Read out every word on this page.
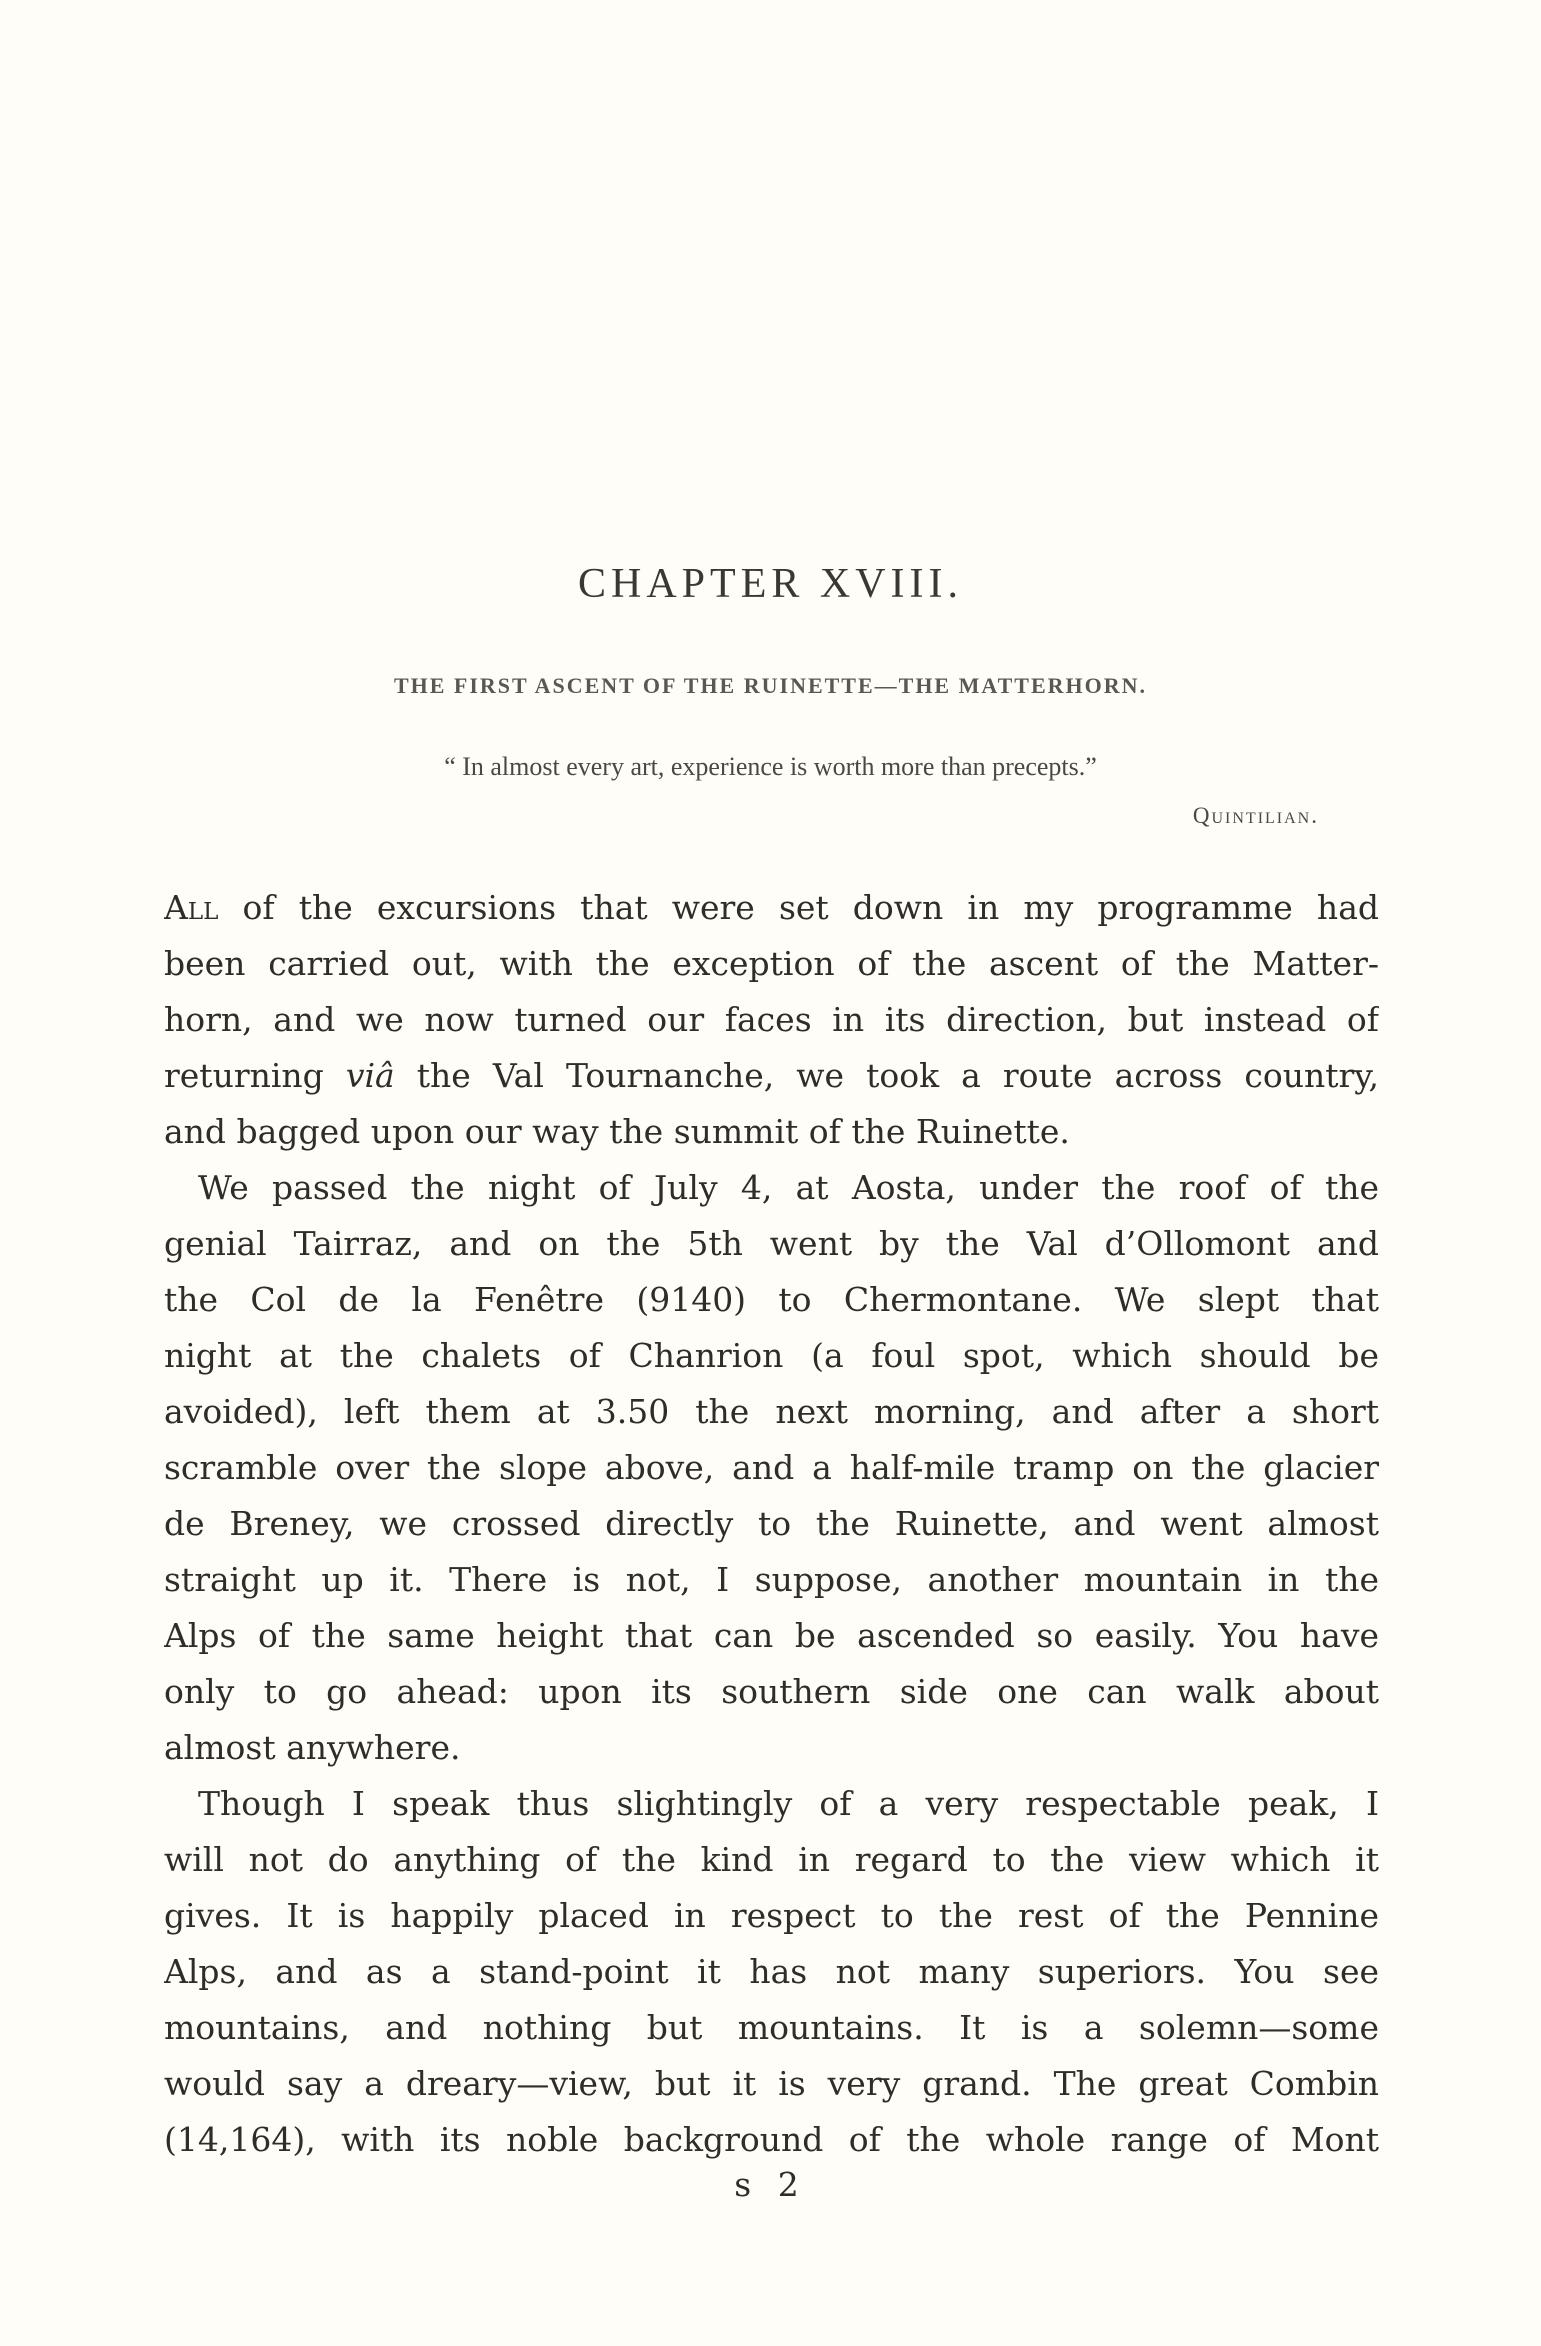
CHAPTER XVIII.
THE FIRST ASCENT OF THE RUINETTE—THE MATTERHORN.

“ In almost every art, experience is worth more than precepts.”

Quintilian.

All of the excursions that were set down in my programme had
been carried out, with the exception of the ascent of the Matter-
horn, and we now turned our faces in its direction, but instead of
returning viâ the Val Tournanche, we took a route across country,
and bagged upon our way the summit of the Ruinette.
We passed the night of July 4, at Aosta, under the roof of the
genial Tairraz, and on the 5th went by the Val d’Ollomont and
the Col de la Fenêtre (9140) to Chermontane. We slept that
night at the chalets of Chanrion (a foul spot, which should be
avoided), left them at 3.50 the next morning, and after a short
scramble over the slope above, and a half-mile tramp on the glacier
de Breney, we crossed directly to the Ruinette, and went almost
straight up it. There is not, I suppose, another mountain in the
Alps of the same height that can be ascended so easily. You have
only to go ahead: upon its southern side one can walk about
almost anywhere.
Though I speak thus slightingly of a very respectable peak, I
will not do anything of the kind in regard to the view which it
gives. It is happily placed in respect to the rest of the Pennine
Alps, and as a stand-point it has not many superiors. You see
mountains, and nothing but mountains. It is a solemn—some
would say a dreary—view, but it is very grand. The great Combin
(14,164), with its noble background of the whole range of Mont

s 2
